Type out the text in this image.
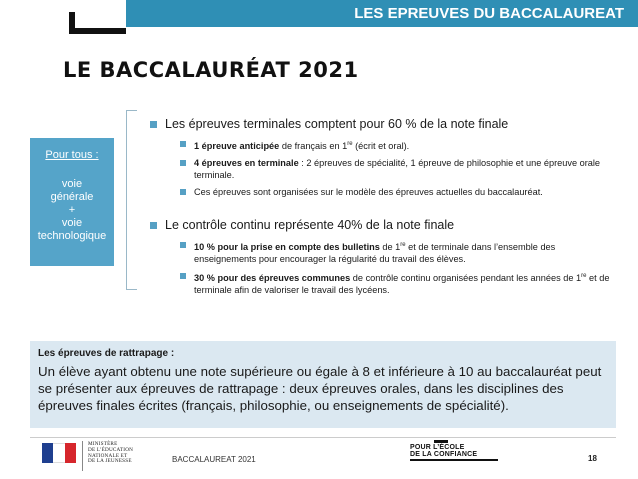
LES EPREUVES DU BACCALAUREAT
LE BACCALAURÉAT 2021
Pour tous :
voie
générale
+
voie
technologique
Les épreuves terminales comptent pour 60 % de la note finale
1 épreuve anticipée de français en 1re (écrit et oral).
4 épreuves en terminale : 2 épreuves de spécialité, 1 épreuve de philosophie et une épreuve orale terminale.
Ces épreuves sont organisées sur le modèle des épreuves actuelles du baccalauréat.
Le contrôle continu représente 40% de la note finale
10 % pour la prise en compte des bulletins de 1re et de terminale dans l’ensemble des enseignements pour encourager la régularité du travail des élèves.
30 % pour des épreuves communes de contrôle continu organisées pendant les années de 1re et de terminale afin de valoriser le travail des lycéens.
Les épreuves de rattrapage :
Un élève ayant obtenu une note supérieure ou égale à 8 et inférieure à 10 au baccalauréat peut se présenter aux épreuves de rattrapage : deux épreuves orales, dans les disciplines des épreuves finales écrites (français, philosophie, ou enseignements de spécialité).
MINISTÈRE
DE L’ÉDUCATION
NATIONALE ET
DE LA JEUNESSE	BACCALAUREAT 2021
POUR L’ÉCOLE
DE LA CONFIANCE	18
